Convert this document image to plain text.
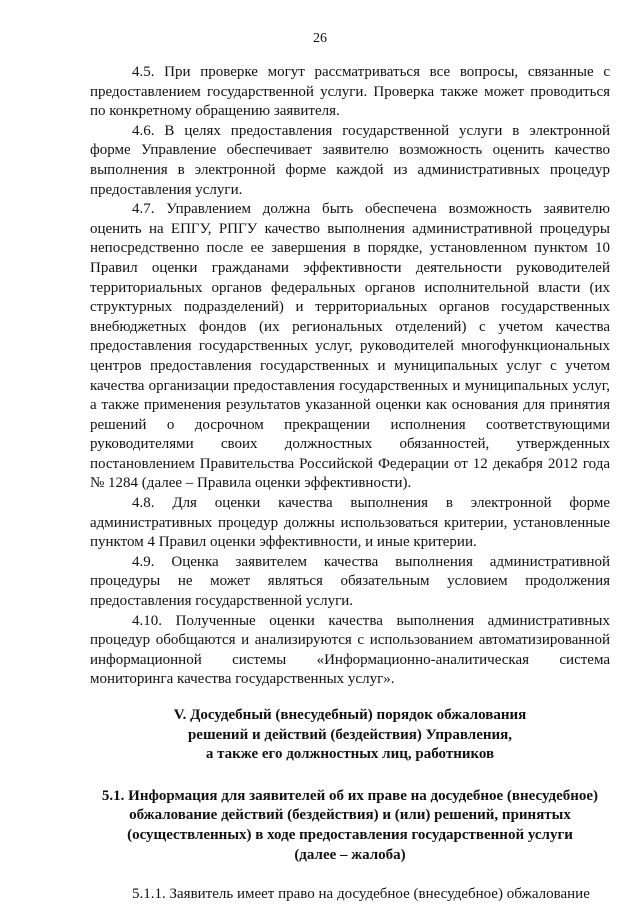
26

4.5. При проверке могут рассматриваться все вопросы, связанные с предоставлением государственной услуги. Проверка также может проводиться по конкретному обращению заявителя.

4.6. В целях предоставления государственной услуги в электронной форме Управление обеспечивает заявителю возможность оценить качество выполнения в электронной форме каждой из административных процедур предоставления услуги.

4.7. Управлением должна быть обеспечена возможность заявителю оценить на ЕПГУ, РПГУ качество выполнения административной процедуры непосредственно после ее завершения в порядке, установленном пунктом 10 Правил оценки гражданами эффективности деятельности руководителей территориальных органов федеральных органов исполнительной власти (их структурных подразделений) и территориальных органов государственных внебюджетных фондов (их региональных отделений) с учетом качества предоставления государственных услуг, руководителей многофункциональных центров предоставления государственных и муниципальных услуг с учетом качества организации предоставления государственных и муниципальных услуг, а также применения результатов указанной оценки как основания для принятия решений о досрочном прекращении исполнения соответствующими руководителями своих должностных обязанностей, утвержденных постановлением Правительства Российской Федерации от 12 декабря 2012 года № 1284 (далее – Правила оценки эффективности).

4.8. Для оценки качества выполнения в электронной форме административных процедур должны использоваться критерии, установленные пунктом 4 Правил оценки эффективности, и иные критерии.

4.9. Оценка заявителем качества выполнения административной процедуры не может являться обязательным условием продолжения предоставления государственной услуги.

4.10. Полученные оценки качества выполнения административных процедур обобщаются и анализируются с использованием автоматизированной информационной системы «Информационно-аналитическая система мониторинга качества государственных услуг».

V. Досудебный (внесудебный) порядок обжалования
решений и действий (бездействия) Управления,
а также его должностных лиц, работников
5.1. Информация для заявителей об их праве на досудебное (внесудебное)
обжалование действий (бездействия) и (или) решений, принятых
(осуществленных) в ходе предоставления государственной услуги
(далее – жалоба)

5.1.1. Заявитель имеет право на досудебное (внесудебное) обжалование
